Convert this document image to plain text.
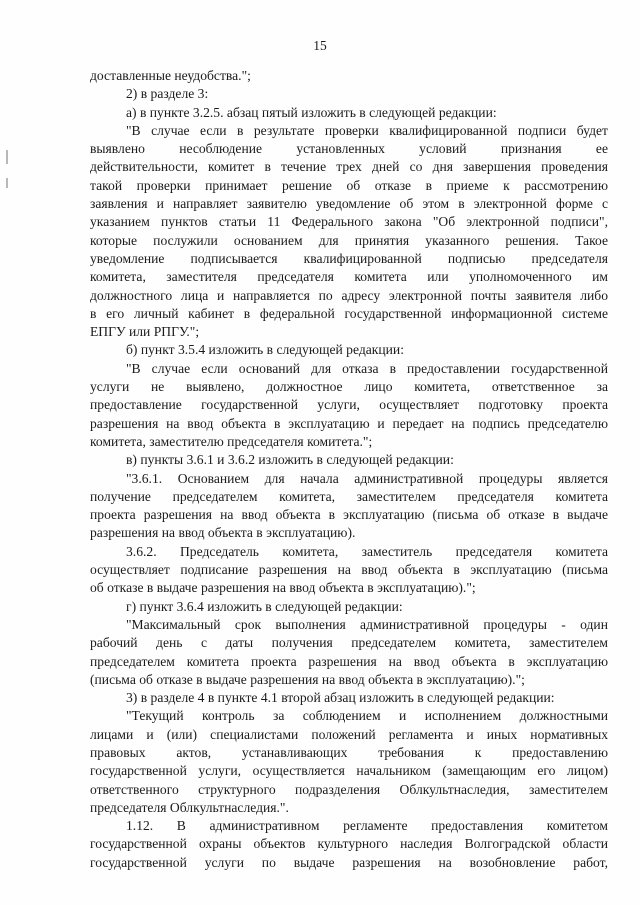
15
доставленные неудобства.";
2) в разделе 3:
а) в пункте 3.2.5. абзац пятый изложить в следующей редакции:
"В случае если в результате проверки квалифицированной подписи будет
выявлено несоблюдение установленных условий признания ее
действительности, комитет в течение трех дней со дня завершения проведения
такой проверки принимает решение об отказе в приеме к рассмотрению
заявления и направляет заявителю уведомление об этом в электронной форме с
указанием пунктов статьи 11 Федерального закона "Об электронной подписи",
которые послужили основанием для принятия указанного решения. Такое
уведомление подписывается квалифицированной подписью председателя
комитета, заместителя председателя комитета или уполномоченного им
должностного лица и направляется по адресу электронной почты заявителя либо
в его личный кабинет в федеральной государственной информационной системе
ЕПГУ или РПГУ.";
б) пункт 3.5.4 изложить в следующей редакции:
"В случае если оснований для отказа в предоставлении государственной
услуги не выявлено, должностное лицо комитета, ответственное за
предоставление государственной услуги, осуществляет подготовку проекта
разрешения на ввод объекта в эксплуатацию и передает на подпись председателю
комитета, заместителю председателя комитета.";
в) пункты 3.6.1 и 3.6.2 изложить в следующей редакции:
"3.6.1. Основанием для начала административной процедуры является
получение председателем комитета, заместителем председателя комитета
проекта разрешения на ввод объекта в эксплуатацию (письма об отказе в выдаче
разрешения на ввод объекта в эксплуатацию).
3.6.2. Председатель комитета, заместитель председателя комитета
осуществляет подписание разрешения на ввод объекта в эксплуатацию (письма
об отказе в выдаче разрешения на ввод объекта в эксплуатацию).";
г) пункт 3.6.4 изложить в следующей редакции:
"Максимальный срок выполнения административной процедуры - один
рабочий день с даты получения председателем комитета, заместителем
председателем комитета проекта разрешения на ввод объекта в эксплуатацию
(письма об отказе в выдаче разрешения на ввод объекта в эксплуатацию).";
3) в разделе 4 в пункте 4.1 второй абзац изложить в следующей редакции:
"Текущий контроль за соблюдением и исполнением должностными
лицами и (или) специалистами положений регламента и иных нормативных
правовых актов, устанавливающих требования к предоставлению
государственной услуги, осуществляется начальником (замещающим его лицом)
ответственного структурного подразделения Облкультнаследия, заместителем
председателя Облкультнаследия.".
1.12. В административном регламенте предоставления комитетом
государственной охраны объектов культурного наследия Волгоградской области
государственной услуги по выдаче разрешения на возобновление работ,
